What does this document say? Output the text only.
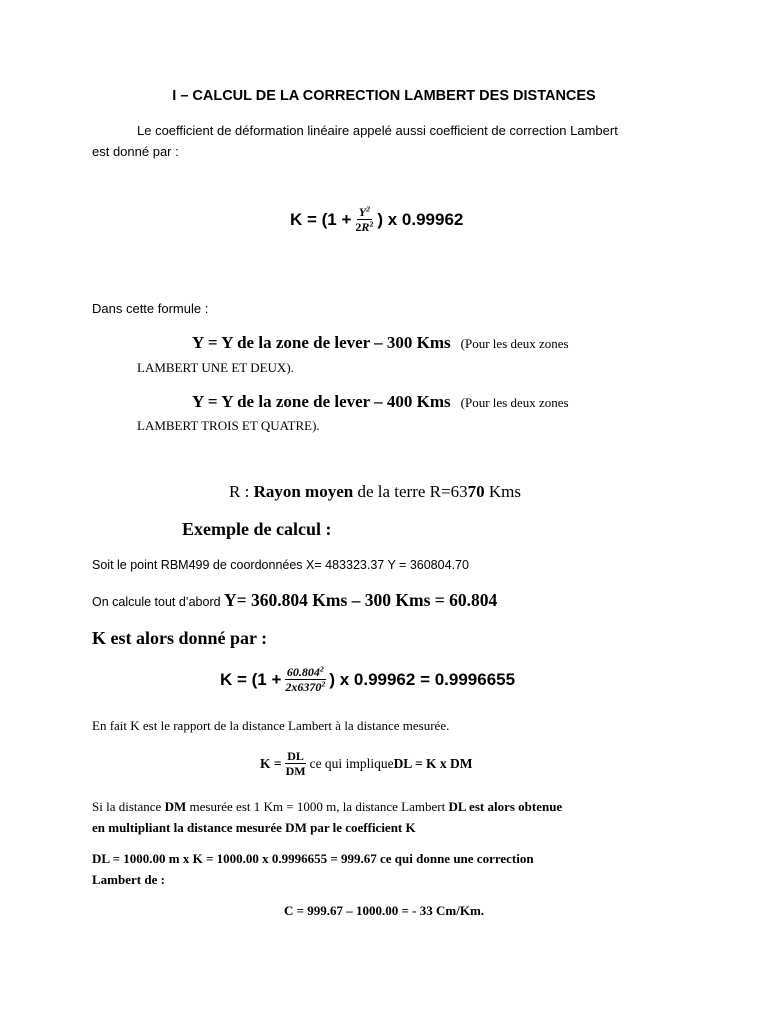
I – CALCUL DE LA CORRECTION LAMBERT DES DISTANCES
Le coefficient de déformation linéaire appelé aussi coefficient de correction Lambert
est donné par :
$K = (1 + \frac{Y^2}{2R^2}$ ) x 0.99962
Dans cette formule :
Y = Y de la zone de lever – 300 Kms (Pour les deux zones
LAMBERT UNE ET DEUX).
Y = Y de la zone de lever – 400 Kms (Pour les deux zones
LAMBERT TROIS ET QUATRE).
R : Rayon moyen de la terre R=6370 Kms
Exemple de calcul :
Soit le point RBM499 de coordonnées X= 483323.37 Y = 360804.70
On calcule tout d’abord Y= 360.804 Kms – 300 Kms = 60.804
K est alors donné par :
$K = (1 + \frac{60.804^2}{2x6370^2}$ ) x 0.99962 = 0.9996655
En fait K est le rapport de la distance Lambert à la distance mesurée.
$K = \frac{DL}{DM}$ ce qui implique DL = K x DM
Si la distance DM mesurée est 1 Km = 1000 m, la distance Lambert DL est alors obtenue
en multipliant la distance mesurée DM par le coefficient K
DL = 1000.00 m x K = 1000.00 x 0.9996655 = 999.67 ce qui donne une correction
Lambert de :
C = 999.67 – 1000.00 = - 33 Cm/Km.
